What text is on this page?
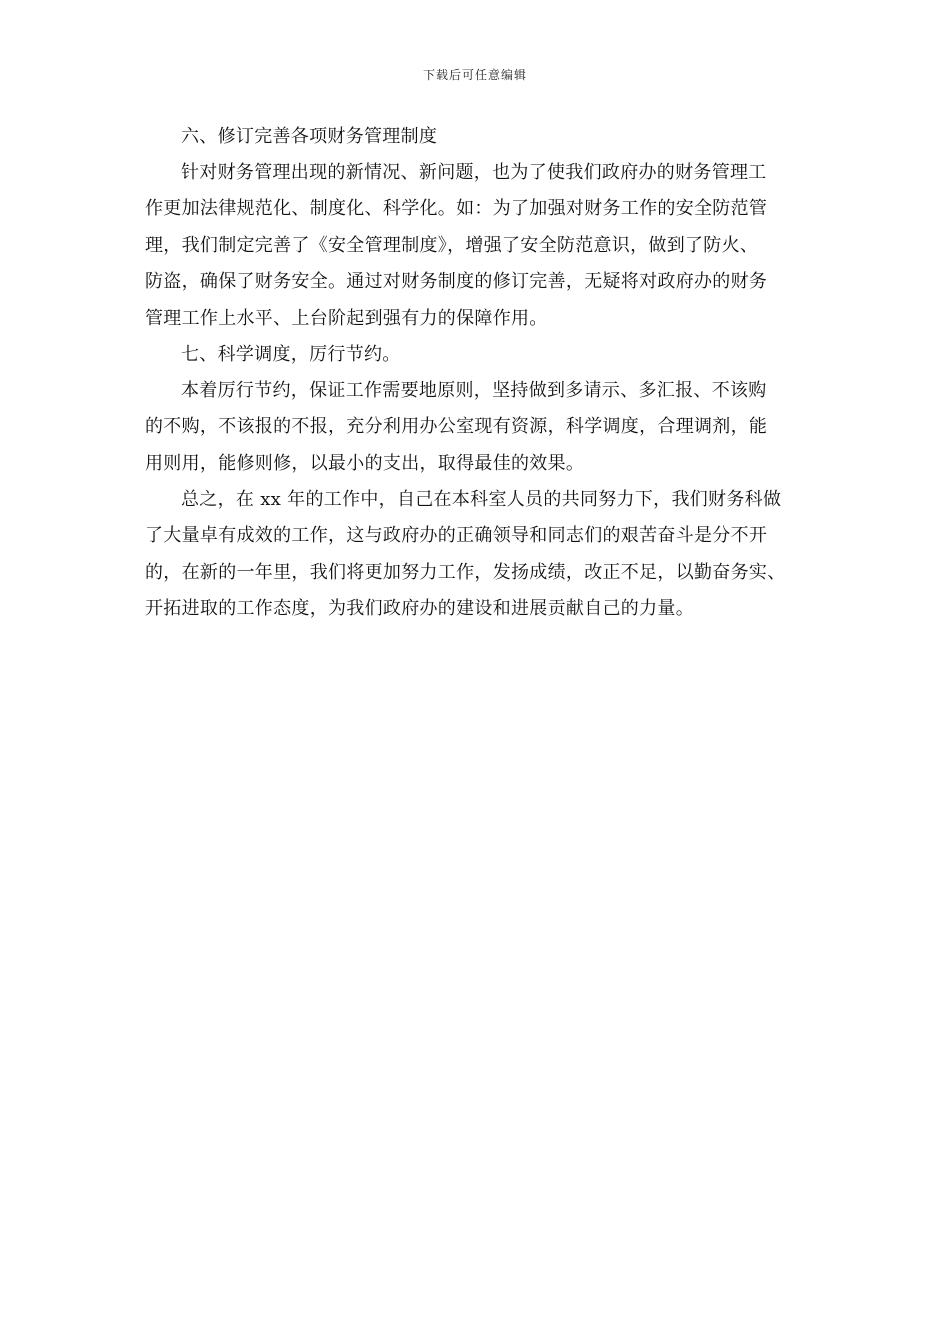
下载后可任意编辑
六、修订完善各项财务管理制度
针对财务管理出现的新情况、新问题，也为了使我们政府办的财务管理工
作更加法律规范化、制度化、科学化。如：为了加强对财务工作的安全防范管
理，我们制定完善了《安全管理制度》，增强了安全防范意识，做到了防火、
防盗，确保了财务安全。通过对财务制度的修订完善，无疑将对政府办的财务
管理工作上水平、上台阶起到强有力的保障作用。
七、科学调度，厉行节约。
本着厉行节约，保证工作需要地原则，坚持做到多请示、多汇报、不该购
的不购，不该报的不报，充分利用办公室现有资源，科学调度，合理调剂，能
用则用，能修则修，以最小的支出，取得最佳的效果。
总之，在 xx 年的工作中，自己在本科室人员的共同努力下，我们财务科做
了大量卓有成效的工作，这与政府办的正确领导和同志们的艰苦奋斗是分不开
的，在新的一年里，我们将更加努力工作，发扬成绩，改正不足，以勤奋务实、
开拓进取的工作态度，为我们政府办的建设和进展贡献自己的力量。
